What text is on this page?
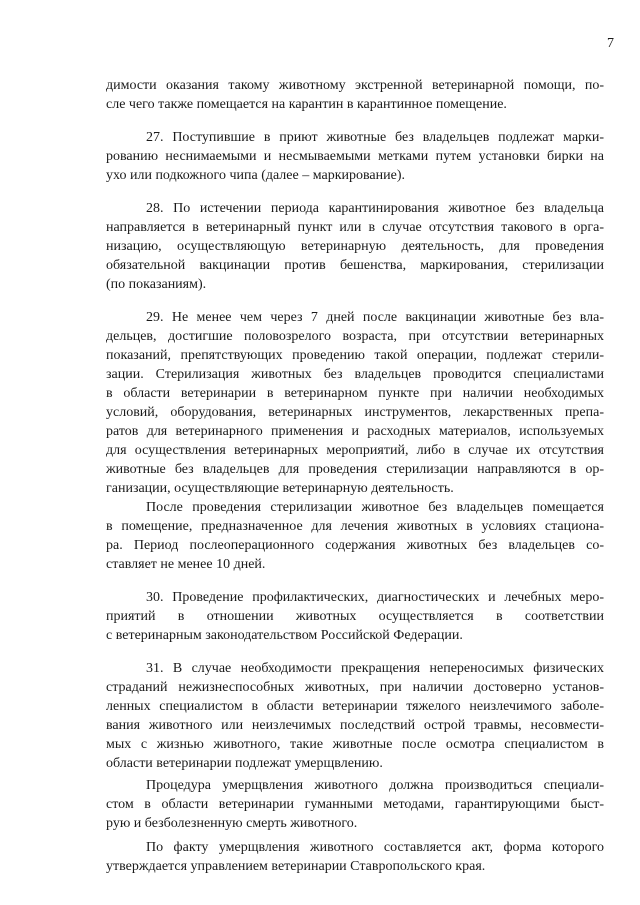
7
димости оказания такому животному экстренной ветеринарной помощи, по-
сле чего также помещается на карантин в карантинное помещение.
27. Поступившие в приют животные без владельцев подлежат марки-
рованию неснимаемыми и несмываемыми метками путем установки бирки на
ухо или подкожного чипа (далее – маркирование).
28. По истечении периода карантинирования животное без владельца
направляется в ветеринарный пункт или в случае отсутствия такового в орга-
низацию, осуществляющую ветеринарную деятельность, для проведения
обязательной вакцинации против бешенства, маркирования, стерилизации
(по показаниям).
29. Не менее чем через 7 дней после вакцинации животные без вла-
дельцев, достигшие половозрелого возраста, при отсутствии ветеринарных
показаний, препятствующих проведению такой операции, подлежат стерили-
зации. Стерилизация животных без владельцев проводится специалистами
в области ветеринарии в ветеринарном пункте при наличии необходимых
условий, оборудования, ветеринарных инструментов, лекарственных препа-
ратов для ветеринарного применения и расходных материалов, используемых
для осуществления ветеринарных мероприятий, либо в случае их отсутствия
животные без владельцев для проведения стерилизации направляются в ор-
ганизации, осуществляющие ветеринарную деятельность.
После проведения стерилизации животное без владельцев помещается
в помещение, предназначенное для лечения животных в условиях стациона-
ра. Период послеоперационного содержания животных без владельцев со-
ставляет не менее 10 дней.
30. Проведение профилактических, диагностических и лечебных меро-
приятий в отношении животных осуществляется в соответствии
с ветеринарным законодательством Российской Федерации.
31. В случае необходимости прекращения непереносимых физических
страданий нежизнеспособных животных, при наличии достоверно установ-
ленных специалистом в области ветеринарии тяжелого неизлечимого заболе-
вания животного или неизлечимых последствий острой травмы, несовмести-
мых с жизнью животного, такие животные после осмотра специалистом в
области ветеринарии подлежат умерщвлению.
Процедура умерщвления животного должна производиться специали-
стом в области ветеринарии гуманными методами, гарантирующими быст-
рую и безболезненную смерть животного.
По факту умерщвления животного составляется акт, форма которого
утверждается управлением ветеринарии Ставропольского края.
